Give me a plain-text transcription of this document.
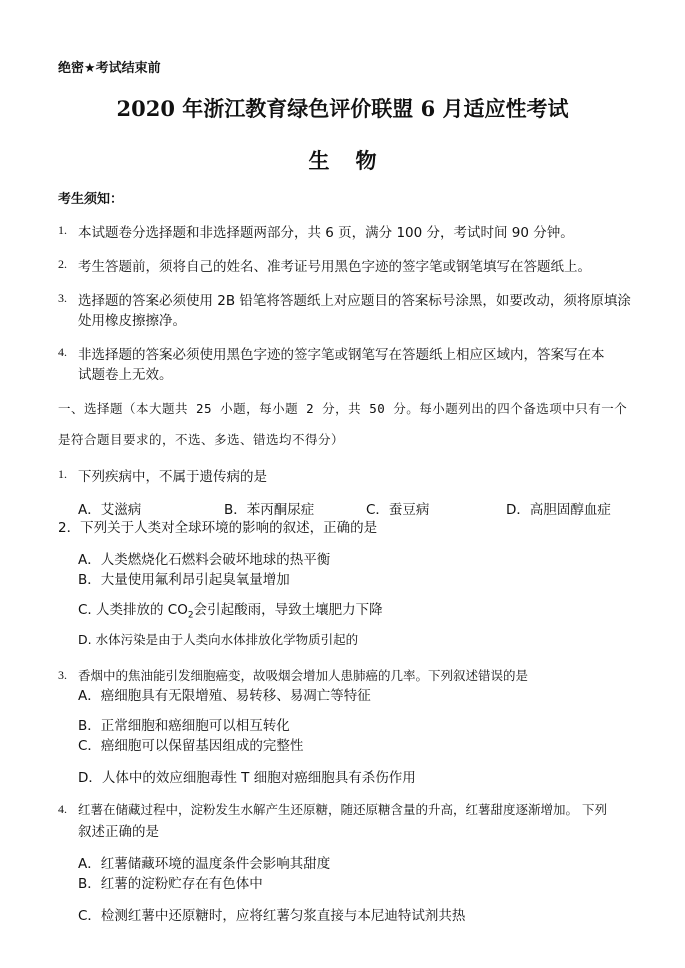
绝密★考试结束前
2020 年浙江教育绿色评价联盟 6 月适应性考试
生物
考生须知：
1. 本试题卷分选择题和非选择题两部分，共 6 页，满分 100 分，考试时间 90 分钟。
2. 考生答题前，须将自己的姓名、准考证号用黑色字迹的签字笔或钢笔填写在答题纸上。
3. 选择题的答案必须使用 2B 铅笔将答题纸上对应题目的答案标号涂黑，如要改动，须将原填涂
处用橡皮擦擦净。
4. 非选择题的答案必须使用黑色字迹的签字笔或钢笔写在答题纸上相应区域内，答案写在本
试题卷上无效。
一、选择题（本大题共 25 小题，每小题 2 分，共 50 分。每小题列出的四个备选项中只有一个
是符合题目要求的，不选、多选、错选均不得分）
1. 下列疾病中，不属于遗传病的是
A．艾滋病	B．苯丙酮尿症	C．蚕豆病	D．高胆固醇血症
2．下列关于人类对全球环境的影响的叙述，正确的是
A．人类燃烧化石燃料会破坏地球的热平衡
B．大量使用氟利昂引起臭氧量增加
C. 人类排放的 $CO_2$会引起酸雨，导致土壤肥力下降
D. 水体污染是由于人类向水体排放化学物质引起的
3. 香烟中的焦油能引发细胞癌变，故吸烟会增加人患肺癌的几率。下列叙述错误的是
A．癌细胞具有无限增殖、易转移、易凋亡等特征
B．正常细胞和癌细胞可以相互转化
C．癌细胞可以保留基因组成的完整性
D．人体中的效应细胞毒性 T 细胞对癌细胞具有杀伤作用
4. 红薯在储藏过程中，淀粉发生水解产生还原糖，随还原糖含量的升高，红薯甜度逐渐增加。 下列
叙述正确的是
A．红薯储藏环境的温度条件会影响其甜度
B．红薯的淀粉贮存在有色体中
C．检测红薯中还原糖时，应将红薯匀浆直接与本尼迪特试剂共热
